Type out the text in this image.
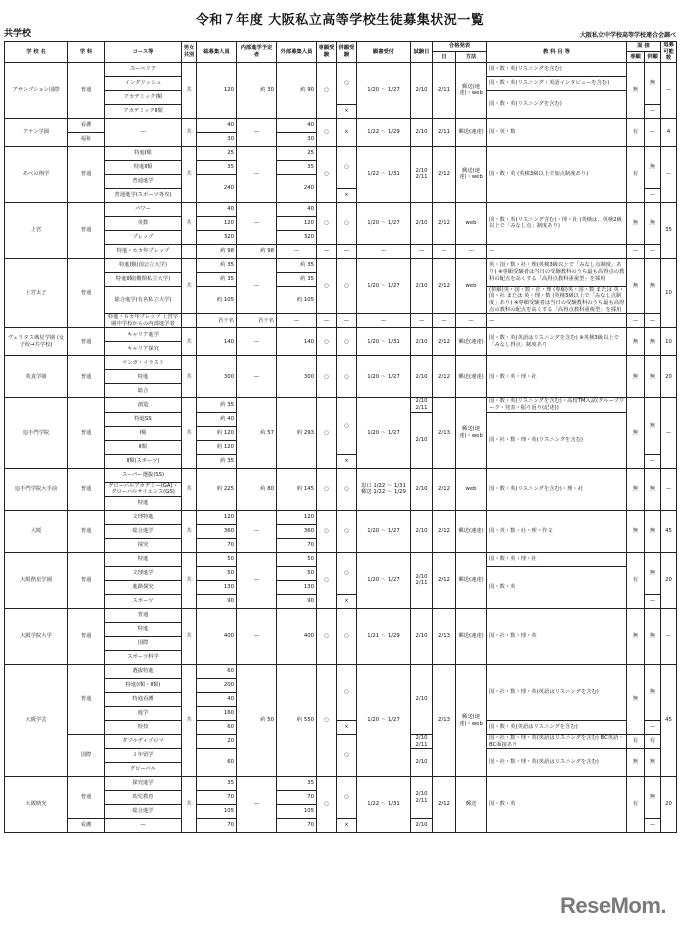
令和７年度 大阪私立高等学校生徒募集状況一覧
共学校	大阪私立中学校高等学校連合会調べ
学 校 名	学 科	コース等	男女共別	総募集人員	内部進学予定者	外部募集人員	専願受験	併願受験	願書受付	試験日	合格発表		教 科 目 等	面 接		追募可能数
											日	方法		専願	併願	
アサンプション国際	普通	スーペリア	共	120	約 30	約 90	○	○	1/20 〜 1/27	2/10	2/11	郵送(速達)・web	国・数・英(リスニングを含む)	無	無	—
		イングリッシュ											国・数・英(リスニング・英語インタビューを含む)			
		アカデミックⅠ類											国・数・英(リスニングを含む)			
		アカデミックⅡ類						×							—	
アナン学園	看護	—	共	40	—	40	○	×	1/22 〜 1/29	2/10	2/11	郵送(速達)	国・英・数	有	—	4
	福祉			30		30										
あべの翔学	普通	特進Ⅰ類	共	25	—	25	○	○	1/22 〜 1/31	2/10 2/11	2/12	郵送(速達)・web	国・数・英 (英検3級以上で加点制度あり)	有	無	—
		特進Ⅱ類		35		35										
		普通進学		240		240										
		普通進学(スポーツ専攻)						×							—	
上宮	普通	パワー	共	40	—	40	○	○	1/20 〜 1/27	2/10	2/12	web	国・数・英(リスニング含む)・理・社 (英検は、英検2級以上で「みなし点」制度あり)	無	無	35
		英数		120		120										
		プレップ		320		320										
		特進・６カ年プレップ		約 98	約 98	—	—	—	—	—	—	—	—	—	—	
上宮太子	普通	特進Ⅰ類(国公立大学)	共	約 35	—	約 35	○	○	1/20 〜 1/27	2/10	2/12	web	英・国・数・社・理(英検3級以上で「みなし点制度」あり) ※専願受験者は当日の受験教科のうち最も高得点の教科の配点を高くする「高得点教科重視型」を採用	無	無	10
		特進Ⅱ類(難関私立大学)		約 35		約 35										
		総合進学(有名私立大学)		約 105		約 105							(併願)英・国・数・社・理 (専願)英・国・数 または 英・国・社 または 英・理・数 (英検3級以上で「みなし点制度」あり) ※専願受験者は当日の受験教科のうち最も高得点の教科の配点を高くする「高得点教科重視型」を採用			
		特進・６カ年プレップ 上宮学園中学校からの内部進学者		若干名	若干名	—	—	—	—	—	—	—	—	—	—	
ヴェリタス城星学園 (女子校→共学校)	普通	キャリア進学	共	140	—	140	○	○	1/20 〜 1/31	2/10	2/12	郵送(速達)	国・数・英(英語はリスニングを含む) ※英検3級以上で「みなし得点」制度あり	無	無	10
		キャリア探究														
英真学園	普通	マンガ・イラスト	共	300	—	300	○	○	1/20 〜 1/27	2/10	2/12	郵送(速達)	国・数・英・理・社	無	無	20
		特進														
		総合														
追手門学院	普通	創造	共	約 35	約 57	約 293	○	○	1/20 〜 1/27	2/10 2/11	2/13	郵送(速達)・web	国・数・英(リスニングを含む)・高校TM入試(グループワーク・発表・振り返り(記述))	無	無	—
		特進SS		約 40						2/10			国・社・数・理・英(リスニングを含む)			
		Ⅰ類		約 120												
		Ⅱ類		約 120												
		Ⅱ類(スポーツ)		約 35				×							—	
追手門学院大手前	普通	スーパー選抜(SS)	共	約 225	約 80	約 145	○	○	窓口 1/22 〜 1/31 郵送 1/22 〜 1/29	2/10	2/12	web	国・数・英(リスニングを含む)・理・社	無	無	—
		グローバルアカデミー(GA)・グローバルサイエンス(GS)														
		特進														
大阪	普通	文理特進	共	120	—	120	○	○	1/20 〜 1/27	2/10	2/12	郵送(速達)	国・英・数・社・理・作文	無	無	45
		総合進学		360		360										
		探究		70		70										
大阪偕星学園	普通	特進	共	50	—	50	○	○	1/20 〜 1/27	2/10 2/11	2/12	郵送(速達)	国・数・英・理・社	有	無	20
		文理進学		50		50							国・数・英			
		進路探究		130		130										
		スポーツ		90		90		×							—	
大阪学院大学	普通	普通	共	400	—	400	○	○	1/21 〜 1/29	2/10	2/13	郵送(速達)	国・社・数・理・英	無	無	—
		特進														
		国際														
		スポーツ科学														
大阪学芸	普通	選抜特進	共	60	約 50	約 550	○	○	1/20 〜 1/27	2/10	2/13	郵送(速達)・web	国・社・数・理・英(英語はリスニングを含む)	無	無	45
		特進(Ⅰ類・Ⅱ類)		200												
		特進看護		40												
		進学		160												
		特技		60				×					国・数・英(英語はリスニングを含む)		—	
	国際	ダブルディプロマ		20				○		2/10 2/11			国・社・数・理・英(英語はリスニングを含む) BC英語・BC面接あり	有	有	
		１年留学		60						2/10			国・社・数・理・英(英語はリスニングを含む)	無	無	
		グローバル														
大阪晴光	普通	探究進学	共	35	—	35	○	○	1/22 〜 1/31	2/10 2/11	2/12	郵送	国・数・英	有	無	20
		幼児教育		70		70										
		総合進学		105		105										
	看護	—		70		70		×		2/10					—	
ReseMom.
